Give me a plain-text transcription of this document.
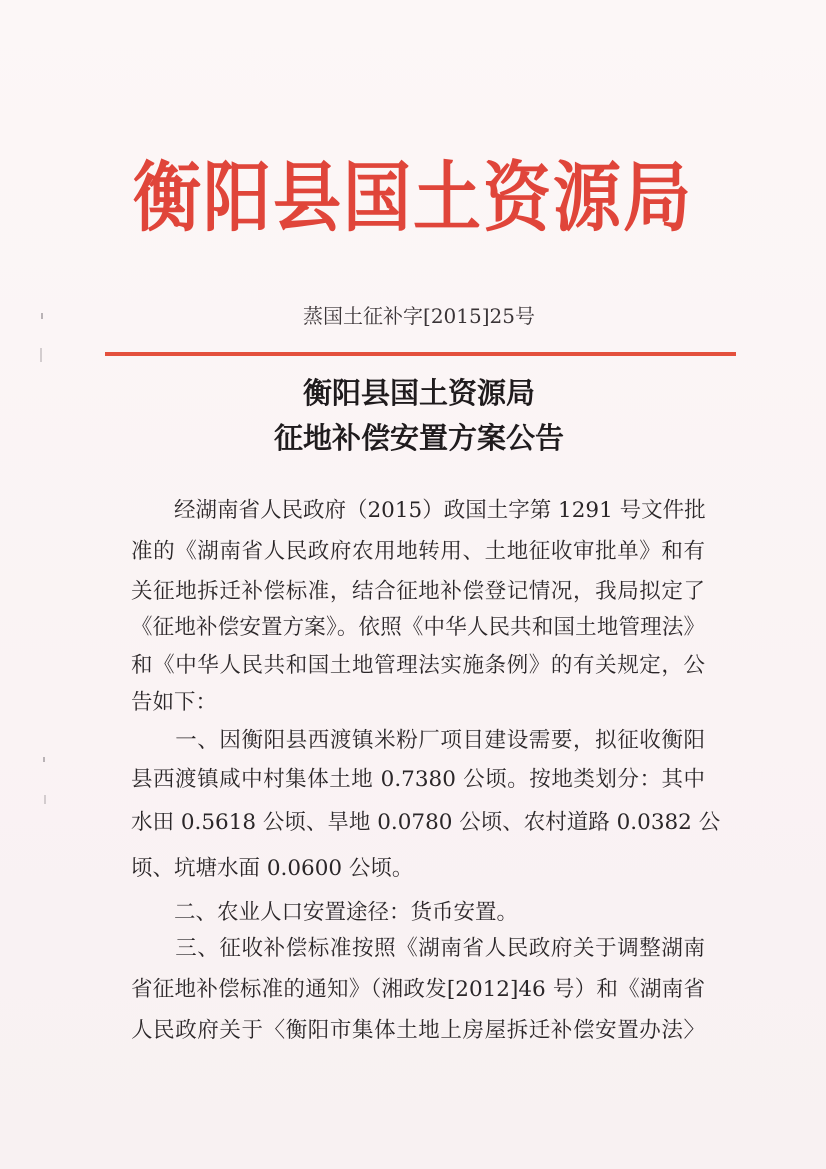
衡阳县国土资源局
蒸国土征补字[2015]25号
衡阳县国土资源局
征地补偿安置方案公告
　　经湖南省人民政府（2015）政国土字第 1291 号文件批
准的《湖南省人民政府农用地转用、土地征收审批单》和有
关征地拆迁补偿标准，结合征地补偿登记情况，我局拟定了
《征地补偿安置方案》。依照《中华人民共和国土地管理法》
和《中华人民共和国土地管理法实施条例》的有关规定，公
告如下：
　　一、因衡阳县西渡镇米粉厂项目建设需要，拟征收衡阳
县西渡镇咸中村集体土地 0.7380 公顷。按地类划分：其中
水田 0.5618 公顷、旱地 0.0780 公顷、农村道路 0.0382 公
顷、坑塘水面 0.0600 公顷。
　　二、农业人口安置途径：货币安置。
　　三、征收补偿标准按照《湖南省人民政府关于调整湖南
省征地补偿标准的通知》（湘政发[2012]46 号）和《湖南省
人民政府关于〈衡阳市集体土地上房屋拆迁补偿安置办法〉
